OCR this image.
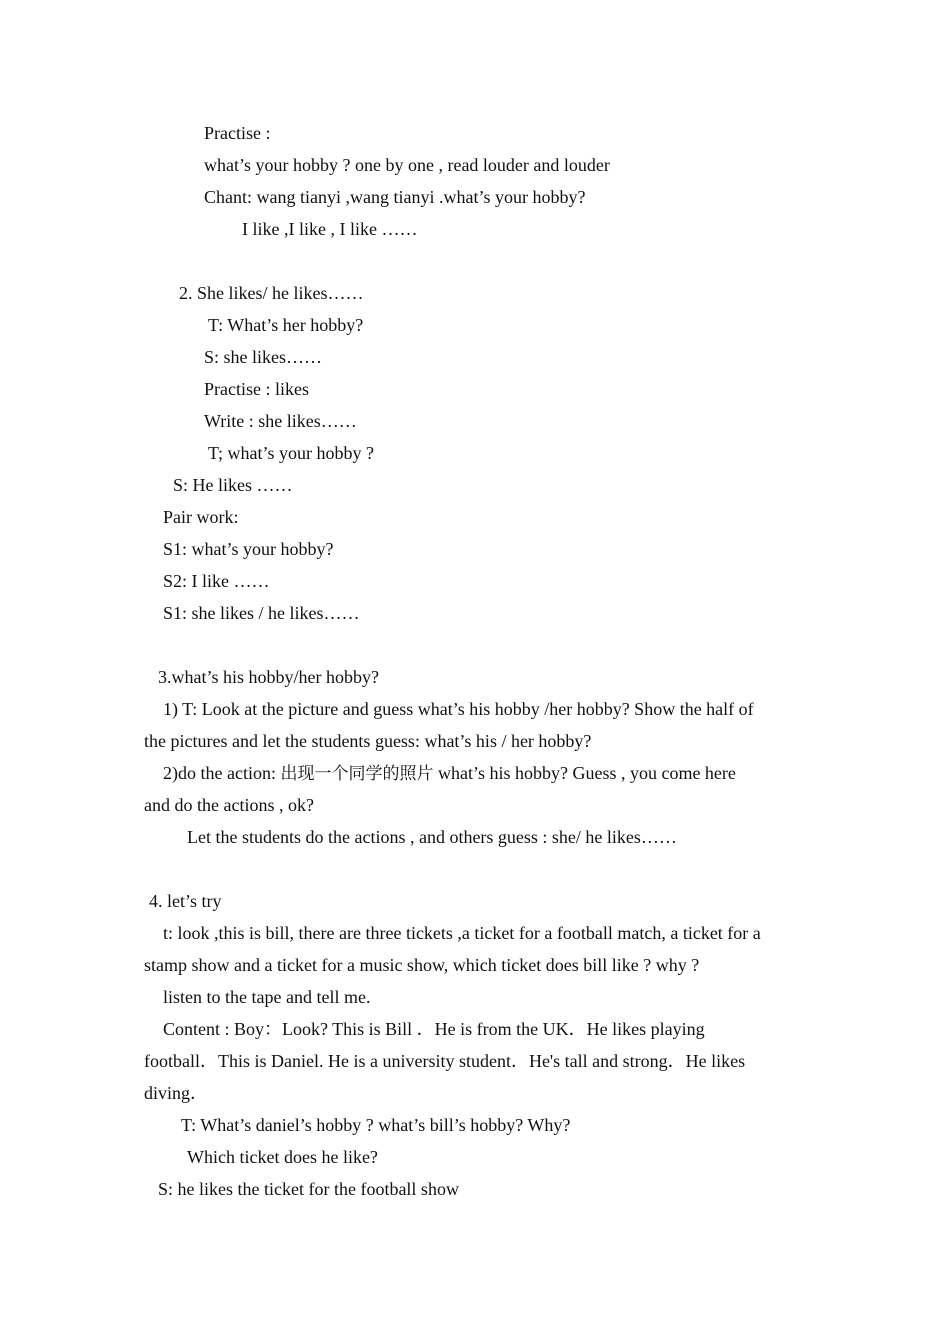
Practise :
what’s your hobby ? one by one , read louder and louder
Chant: wang tianyi ,wang tianyi .what’s your hobby?
I like ,I like , I like ……
2. She likes/ he likes……
T: What’s her hobby?
S: she likes……
Practise : likes
Write : she likes……
T; what’s your hobby ?
S: He likes ……
Pair work:
S1: what’s your hobby?
S2: I like ……
S1: she likes / he likes……
3.what’s his hobby/her hobby?
1) T: Look at the picture and guess what’s his hobby /her hobby? Show the half of
the pictures and let the students guess: what’s his / her hobby?
2)do the action: 出现一个同学的照片 what’s his hobby? Guess , you come here
and do the actions , ok?
Let the students do the actions , and others guess : she/ he likes……
4. let’s try
t: look ,this is bill, there are three tickets ,a ticket for a football match, a ticket for a
stamp show and a ticket for a music show, which ticket does bill like ? why ?
listen to the tape and tell me.
Content : Boy：Look? This is Bill ．He is from the UK．He likes playing
football．This is Daniel. He is a university student．He's tall and strong．He likes
diving．
T: What’s daniel’s hobby ? what’s bill’s hobby? Why?
Which ticket does he like?
S: he likes the ticket for the football show
